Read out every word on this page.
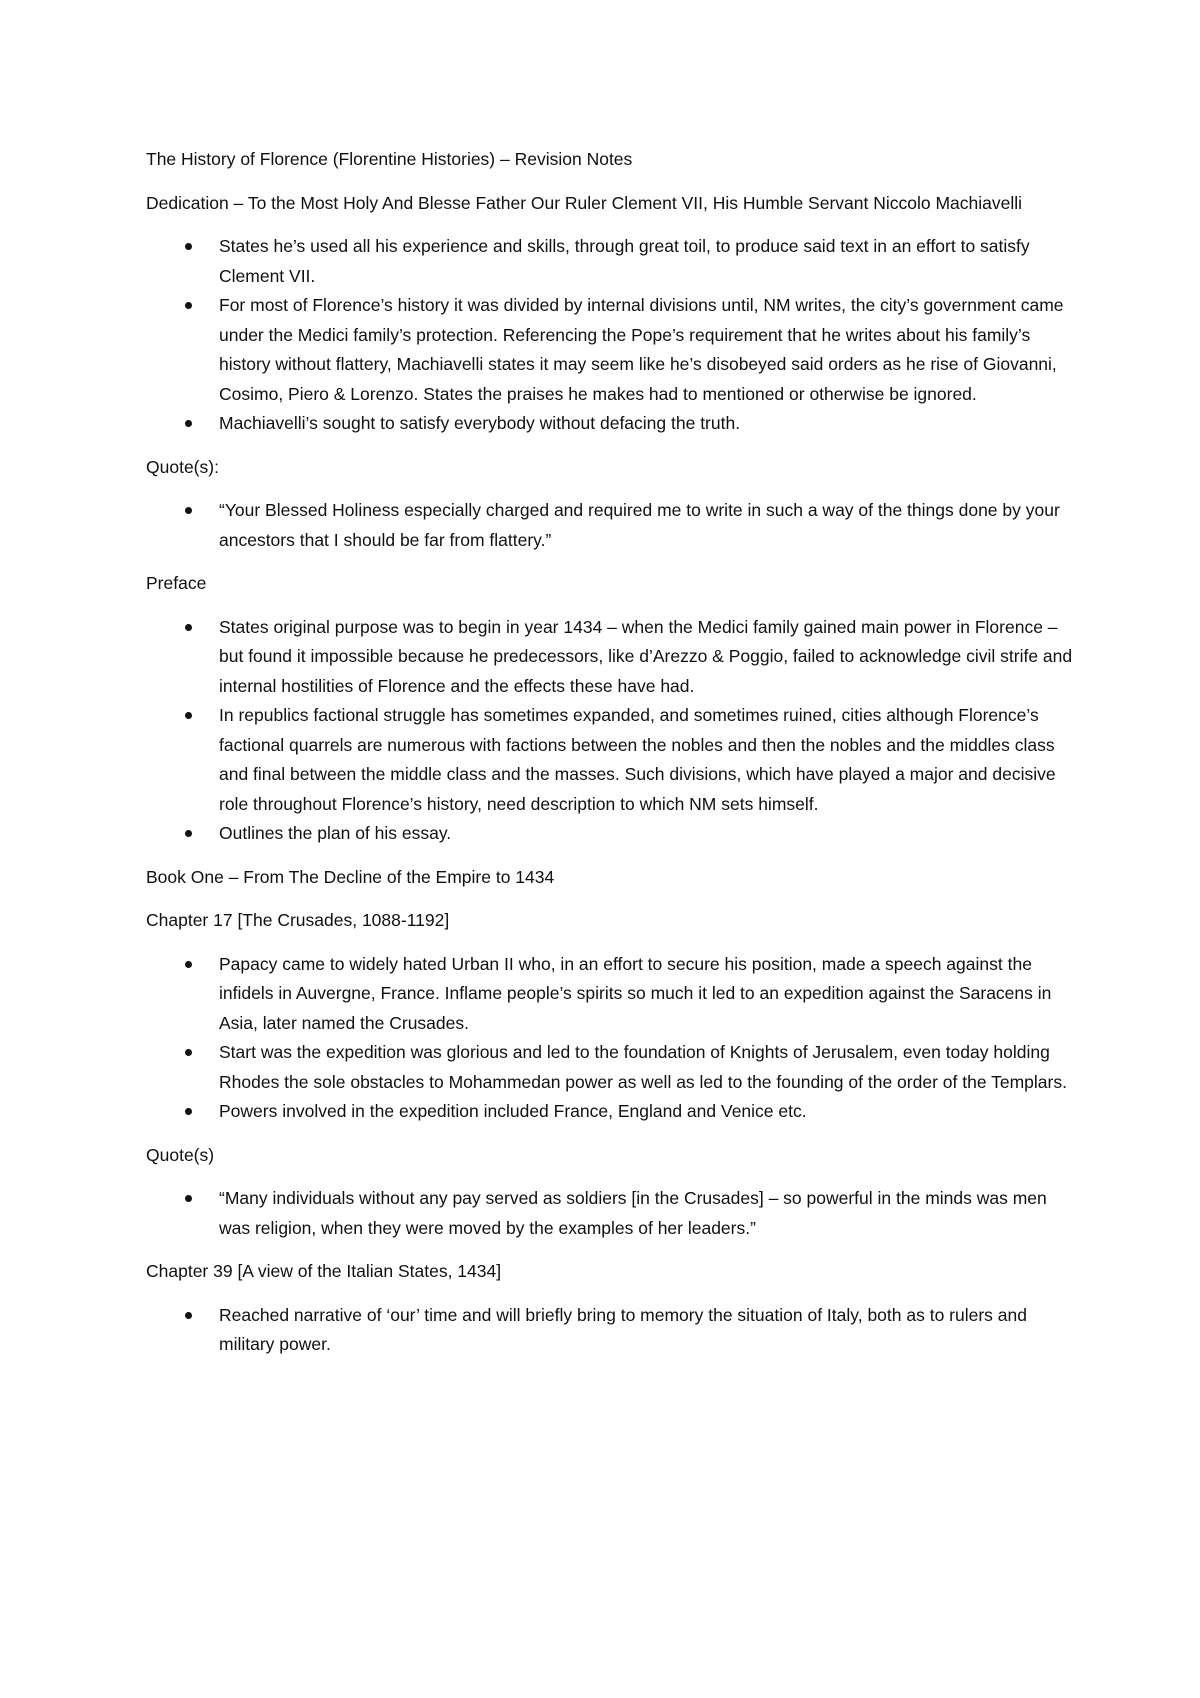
The History of Florence (Florentine Histories) – Revision Notes

Dedication – To the Most Holy And Blesse Father Our Ruler Clement VII, His Humble Servant Niccolo Machiavelli

States he’s used all his experience and skills, through great toil, to produce said text in an effort to satisfy Clement VII.
For most of Florence’s history it was divided by internal divisions until, NM writes, the city’s government came under the Medici family’s protection. Referencing the Pope’s requirement that he writes about his family’s history without flattery, Machiavelli states it may seem like he’s disobeyed said orders as he rise of Giovanni, Cosimo, Piero & Lorenzo. States the praises he makes had to mentioned or otherwise be ignored.
Machiavelli’s sought to satisfy everybody without defacing the truth.

Quote(s):

“Your Blessed Holiness especially charged and required me to write in such a way of the things done by your ancestors that I should be far from flattery.”

Preface

States original purpose was to begin in year 1434 – when the Medici family gained main power in Florence – but found it impossible because he predecessors, like d’Arezzo & Poggio, failed to acknowledge civil strife and internal hostilities of Florence and the effects these have had.
In republics factional struggle has sometimes expanded, and sometimes ruined, cities although Florence’s factional quarrels are numerous with factions between the nobles and then the nobles and the middles class and final between the middle class and the masses. Such divisions, which have played a major and decisive role throughout Florence’s history, need description to which NM sets himself.
Outlines the plan of his essay.

Book One – From The Decline of the Empire to 1434

Chapter 17 [The Crusades, 1088-1192]

Papacy came to widely hated Urban II who, in an effort to secure his position, made a speech against the infidels in Auvergne, France. Inflame people’s spirits so much it led to an expedition against the Saracens in Asia, later named the Crusades.
Start was the expedition was glorious and led to the foundation of Knights of Jerusalem, even today holding Rhodes the sole obstacles to Mohammedan power as well as led to the founding of the order of the Templars.
Powers involved in the expedition included France, England and Venice etc.

Quote(s)

“Many individuals without any pay served as soldiers [in the Crusades] – so powerful in the minds was men was religion, when they were moved by the examples of her leaders.”

Chapter 39 [A view of the Italian States, 1434]

Reached narrative of ‘our’ time and will briefly bring to memory the situation of Italy, both as to rulers and military power.
